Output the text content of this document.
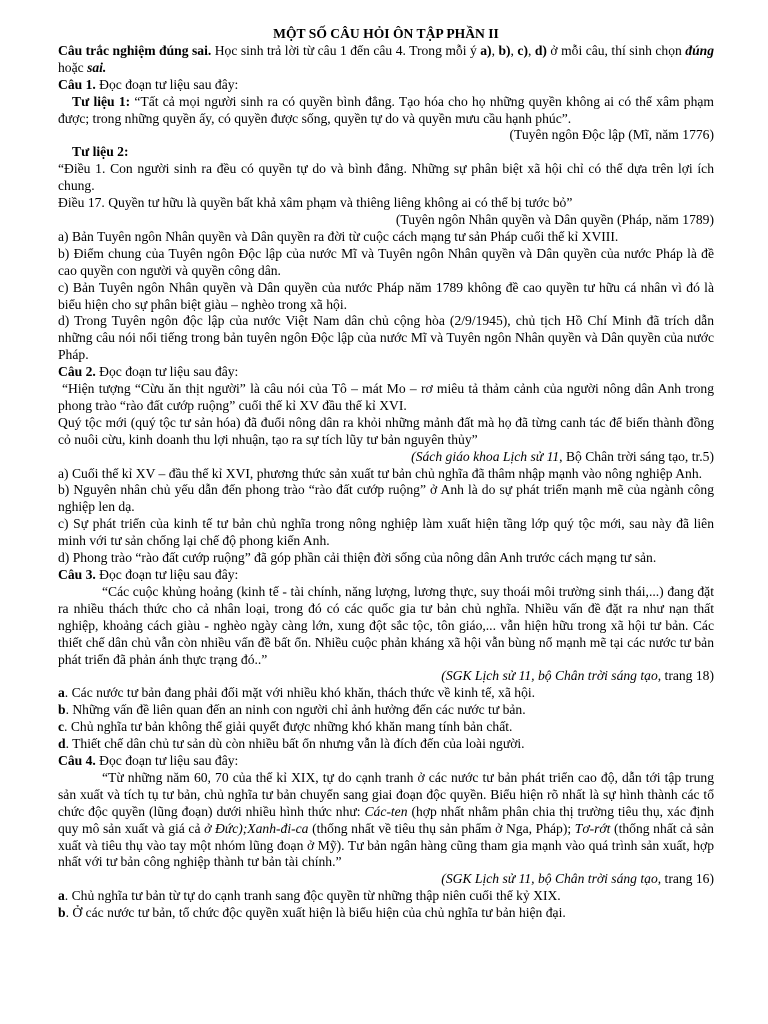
MỘT SỐ CÂU HỎI ÔN TẬP PHẦN II

Câu trắc nghiệm đúng sai. Học sinh trả lời từ câu 1 đến câu 4. Trong mỗi ý a), b), c), d) ở mỗi câu, thí sinh chọn đúng hoặc sai.

Câu 1. Đọc đoạn tư liệu sau đây:

Tư liệu 1: “Tất cả mọi người sinh ra có quyền bình đẳng. Tạo hóa cho họ những quyền không ai có thể xâm phạm được; trong những quyền ấy, có quyền được sống, quyền tự do và quyền mưu cầu hạnh phúc”.

(Tuyên ngôn Độc lập (Mĩ, năm 1776)

Tư liệu 2:

“Điều 1. Con người sinh ra đều có quyền tự do và bình đẳng. Những sự phân biệt xã hội chỉ có thể dựa trên lợi ích chung.

Điều 17. Quyền tư hữu là quyền bất khả xâm phạm và thiêng liêng không ai có thể bị tước bỏ”

(Tuyên ngôn Nhân quyền và Dân quyền (Pháp, năm 1789)

a) Bản Tuyên ngôn Nhân quyền và Dân quyền ra đời từ cuộc cách mạng tư sản Pháp cuối thế kỉ XVIII.

b) Điểm chung của Tuyên ngôn Độc lập của nước Mĩ và Tuyên ngôn Nhân quyền và Dân quyền của nước Pháp là đề cao quyền con người và quyền công dân.

c) Bản Tuyên ngôn Nhân quyền và Dân quyền của nước Pháp năm 1789 không đề cao quyền tư hữu cá nhân vì đó là biểu hiện cho sự phân biệt giàu – nghèo trong xã hội.

d) Trong Tuyên ngôn độc lập của nước Việt Nam dân chủ cộng hòa (2/9/1945), chủ tịch Hồ Chí Minh đã trích dẫn những câu nói nổi tiếng trong bản tuyên ngôn Độc lập của nước Mĩ và Tuyên ngôn Nhân quyền và Dân quyền của nước Pháp.

Câu 2. Đọc đoạn tư liệu sau đây:

“Hiện tượng “Cừu ăn thịt người” là câu nói của Tô – mát Mo – rơ miêu tả thảm cảnh của người nông dân Anh trong phong trào “rào đất cướp ruộng” cuối thế kỉ XV đầu thế kỉ XVI.

Quý tộc mới (quý tộc tư sản hóa) đã đuổi nông dân ra khỏi những mảnh đất mà họ đã từng canh tác để biến thành đồng cỏ nuôi cừu, kinh doanh thu lợi nhuận, tạo ra sự tích lũy tư bản nguyên thủy”

(Sách giáo khoa Lịch sử 11, Bộ Chân trời sáng tạo, tr.5)

a) Cuối thế kỉ XV – đầu thế kỉ XVI, phương thức sản xuất tư bản chủ nghĩa đã thâm nhập mạnh vào nông nghiệp Anh.

b) Nguyên nhân chủ yếu dẫn đến phong trào “rào đất cướp ruộng” ở Anh là do sự phát triển mạnh mẽ của ngành công nghiệp len dạ.

c) Sự phát triển của kinh tế tư bản chủ nghĩa trong nông nghiệp làm xuất hiện tầng lớp quý tộc mới, sau này đã liên minh với tư sản chống lại chế độ phong kiến Anh.

d) Phong trào “rào đất cướp ruộng” đã góp phần cải thiện đời sống của nông dân Anh trước cách mạng tư sản.

Câu 3. Đọc đoạn tư liệu sau đây:

“Các cuộc khủng hoảng (kinh tế - tài chính, năng lượng, lương thực, suy thoái môi trường sinh thái,...) đang đặt ra nhiều thách thức cho cả nhân loại, trong đó có các quốc gia tư bản chủ nghĩa. Nhiều vấn đề đặt ra như nạn thất nghiệp, khoảng cách giàu - nghèo ngày càng lớn, xung đột sắc tộc, tôn giáo,... vẫn hiện hữu trong xã hội tư bản. Các thiết chế dân chủ vẫn còn nhiều vấn đề bất ổn. Nhiều cuộc phản kháng xã hội vẫn bùng nổ mạnh mẽ tại các nước tư bản phát triển đã phản ánh thực trạng đó..”

(SGK Lịch sử 11, bộ Chân trời sáng tạo, trang 18)

a. Các nước tư bản đang phải đối mặt với nhiều khó khăn, thách thức về kinh tế, xã hội.

b. Những vấn đề liên quan đến an ninh con người chỉ ảnh hưởng đến các nước tư bản.

c. Chủ nghĩa tư bản không thể giải quyết được những khó khăn mang tính bản chất.

d. Thiết chế dân chủ tư sản dù còn nhiều bất ổn nhưng vẫn là đích đến của loài người.

Câu 4. Đọc đoạn tư liệu sau đây:

“Từ những năm 60, 70 của thế kỉ XIX, tự do cạnh tranh ở các nước tư bản phát triển cao độ, dẫn tới tập trung sản xuất và tích tụ tư bản, chủ nghĩa tư bản chuyển sang giai đoạn độc quyền. Biểu hiện rõ nhất là sự hình thành các tổ chức độc quyền (lũng đoạn) dưới nhiều hình thức như: Các-ten (hợp nhất nhằm phân chia thị trường tiêu thụ, xác định quy mô sản xuất và giá cả ở Đức);Xanh-đi-ca (thống nhất về tiêu thụ sản phẩm ở Nga, Pháp); Tơ-rớt (thống nhất cả sản xuất và tiêu thụ vào tay một nhóm lũng đoạn ở Mỹ). Tư bản ngân hàng cũng tham gia mạnh vào quá trình sản xuất, hợp nhất với tư bản công nghiệp thành tư bản tài chính.”

(SGK Lịch sử 11, bộ Chân trời sáng tạo, trang 16)

a. Chủ nghĩa tư bản từ tự do cạnh tranh sang độc quyền từ những thập niên cuối thế kỷ XIX.

b. Ở các nước tư bản, tổ chức độc quyền xuất hiện là biểu hiện của chủ nghĩa tư bản hiện đại.
